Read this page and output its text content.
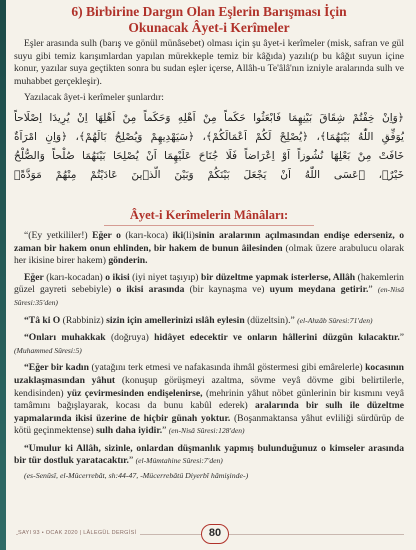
6) Birbirine Dargın Olan Eşlerin Barışması İçin
Okunacak Âyet-i Kerîmeler

Eşler arasında sulh (barış ve gönül münâsebet) olması için şu âyet-i kerîmeler (misk, safran ve gül suyu gibi temiz karışımlardan yapılan mürekkeple temiz bir kâğıda) yazılı(p bu kâğıt suyun içine konur, yazılar suya geçtikten sonra bu sudan eşler içerse, Allâh-u Te'âlâ'nın izniyle aralarında sulh ve muhabbet gerçekleşir).

Yazılacak âyet-i kerîmeler şunlardır:

﴿وَاِنْ خِفْتُمْ شِقَاقَ بَيْنِهِمَا فَابْعَثُوا حَكَماً مِنْ اَهْلِهِ وَحَكَماً مِنْ اَهْلِهَا اِنْ يُرِيدَا اِصْلَاحاً
يُوَفِّقِ اللّٰهُ بَيْنَهُمَا﴾، ﴿يُصْلِحْ لَكُمْ اَعْمَالَكُمْ﴾، ﴿سَيَهْدِيهِمْ وَيُصْلِحُ بَالَهُمْ﴾، ﴿وَاِنِ امْرَاَةٌ
خَافَتْ مِنْ بَعْلِهَا نُشُوزاً اَوْ اِعْرَاضاً فَلَا جُنَاحَ عَلَيْهِمَا اَنْ يُصْلِحَا بَيْنَهُمَا صُلْحاً وَالصُّلْحُ
خَيْرٌ﴾، ﴿عَسَى اللّٰهُ اَنْ يَجْعَلَ بَيْنَكُمْ وَبَيْنَ الَّذ۪ينَ عَادَيْتُمْ مِنْهُمْ مَوَدَّةً﴾
Âyet-i Kerîmelerin Mânâları:

“(Ey yetkililer!) Eğer o (karı-koca) iki(li)sinin aralarının açılmasından endişe ederseniz, o zaman bir hakem onun ehlinden, bir hakem de bunun âilesinden (olmak üzere arabulucu olarak her ikisine birer hakem) gönderin.

Eğer (karı-kocadan) o ikisi (iyi niyet taşıyıp) bir düzeltme yapmak isterlerse, Allâh (hakemlerin güzel gayreti sebebiyle) o ikisi arasında (bir kaynaşma ve) uyum meydana getirir.” (en-Nisâ Sûresi:35'den)

“Tâ ki O (Rabbiniz) sizin için amellerinizi ıslâh eylesin (düzeltsin).” (el-Ahzâb Sûresi:71'den)

“Onları muhakkak (doğruya) hidâyet edecektir ve onların hâllerini düzgün kılacaktır.” (Muhammed Sûresi:5)

“Eğer bir kadın (yatağını terk etmesi ve nafakasında ihmâl göstermesi gibi emârelerle) kocasının uzaklaşmasından yâhut (konuşup görüşmeyi azaltma, sövme veyâ dövme gibi belirtilerle, kendisinden) yüz çevirmesinden endişelenirse, (mehrinin yâhut nöbet günlerinin bir kısmını veyâ tamâmını bağışlayarak, kocası da bunu kabûl ederek) aralarında bir sulh ile düzeltme yapmalarında ikisi üzerine de hiçbir günah yoktur. (Boşanmaktansa yâhut evliliği sürdürüp de kötü geçinmektense) sulh daha iyidir.” (en-Nisâ Sûresi:128'den)

“Umulur ki Allâh, sizinle, onlardan düşmanlık yapmış bulunduğunuz o kimseler arasında bir tür dostluk yaratacaktır.” (el-Mümtahine Sûresi:7'den)

(es-Senûsî, el-Mücerrebât, sh:44-47, -Mücerrebâtü Diyerbî hâmişinde-)

SAYI 93 • OCAK 2020 | LÂLEGÜL DERGİSİ	80
